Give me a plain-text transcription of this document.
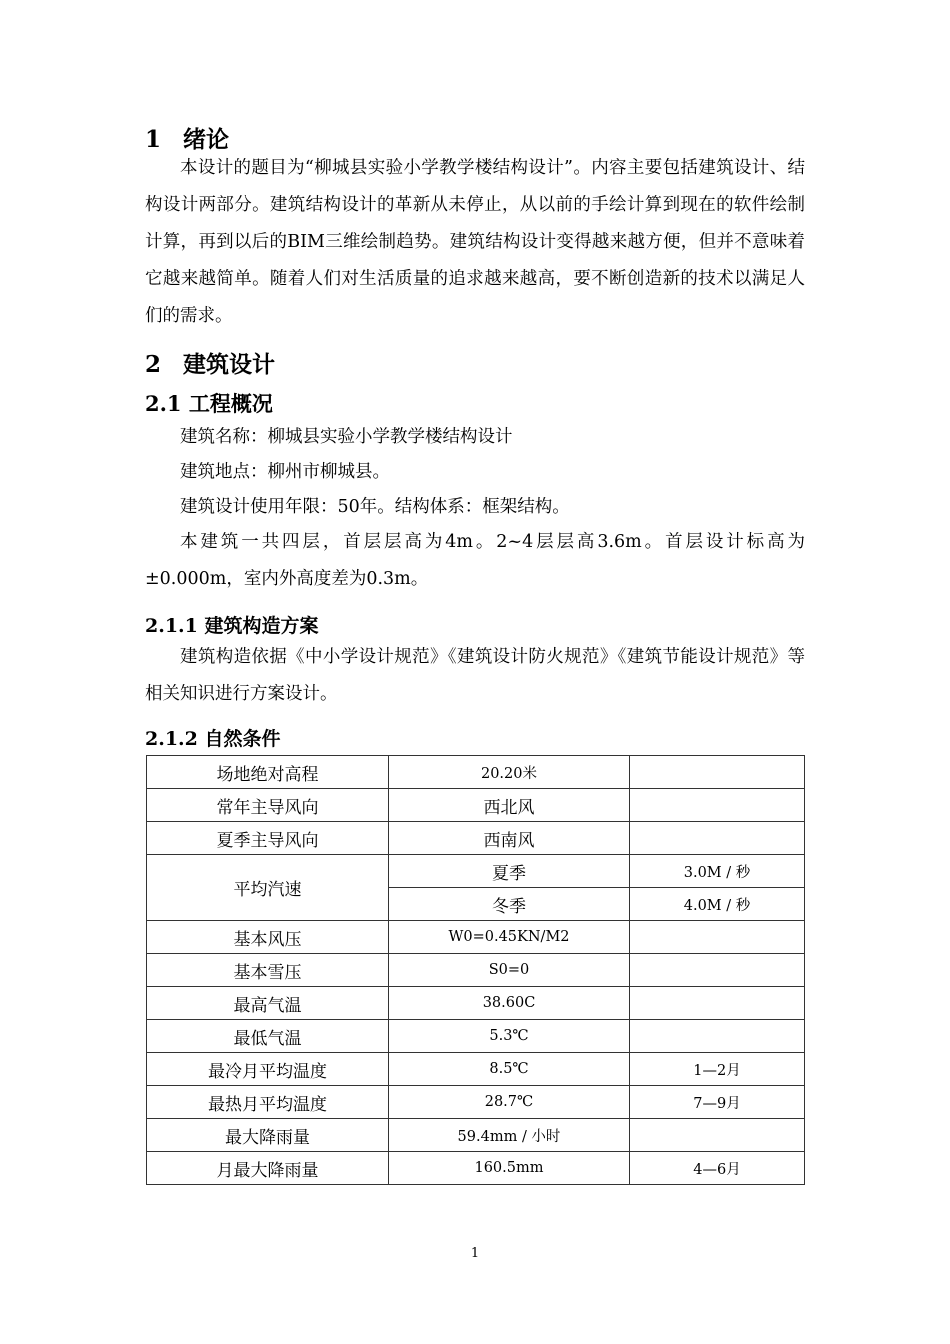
1 绪论

本设计的题目为“柳城县实验小学教学楼结构设计”。内容主要包括建筑设计、结构设计两部分。建筑结构设计的革新从未停止，从以前的手绘计算到现在的软件绘制计算，再到以后的BIM三维绘制趋势。建筑结构设计变得越来越方便，但并不意味着它越来越简单。随着人们对生活质量的追求越来越高，要不断创造新的技术以满足人们的需求。

2 建筑设计
2.1 工程概况
建筑名称：柳城县实验小学教学楼结构设计
建筑地点：柳州市柳城县。
建筑设计使用年限：50年。结构体系：框架结构。

本建筑一共四层，首层层高为4m。2~4层层高3.6m。首层设计标高为±0.000m，室内外高度差为0.3m。

2.1.1 建筑构造方案

建筑构造依据《中小学设计规范》《建筑设计防火规范》《建筑节能设计规范》等相关知识进行方案设计。

2.1.2 自然条件
场地绝对高程	20.20米	
常年主导风向	西北风	
夏季主导风向	西南风	
平均汽速	夏季	3.0M / 秒
	冬季	4.0M / 秒
基本风压	W0=0.45KN/M2	
基本雪压	S0=0	
最高气温	38.60C	
最低气温	5.3℃	
最冷月平均温度	8.5℃	1—2月
最热月平均温度	28.7℃	7—9月
最大降雨量	59.4mm / 小时	
月最大降雨量	160.5mm	4—6月
1
